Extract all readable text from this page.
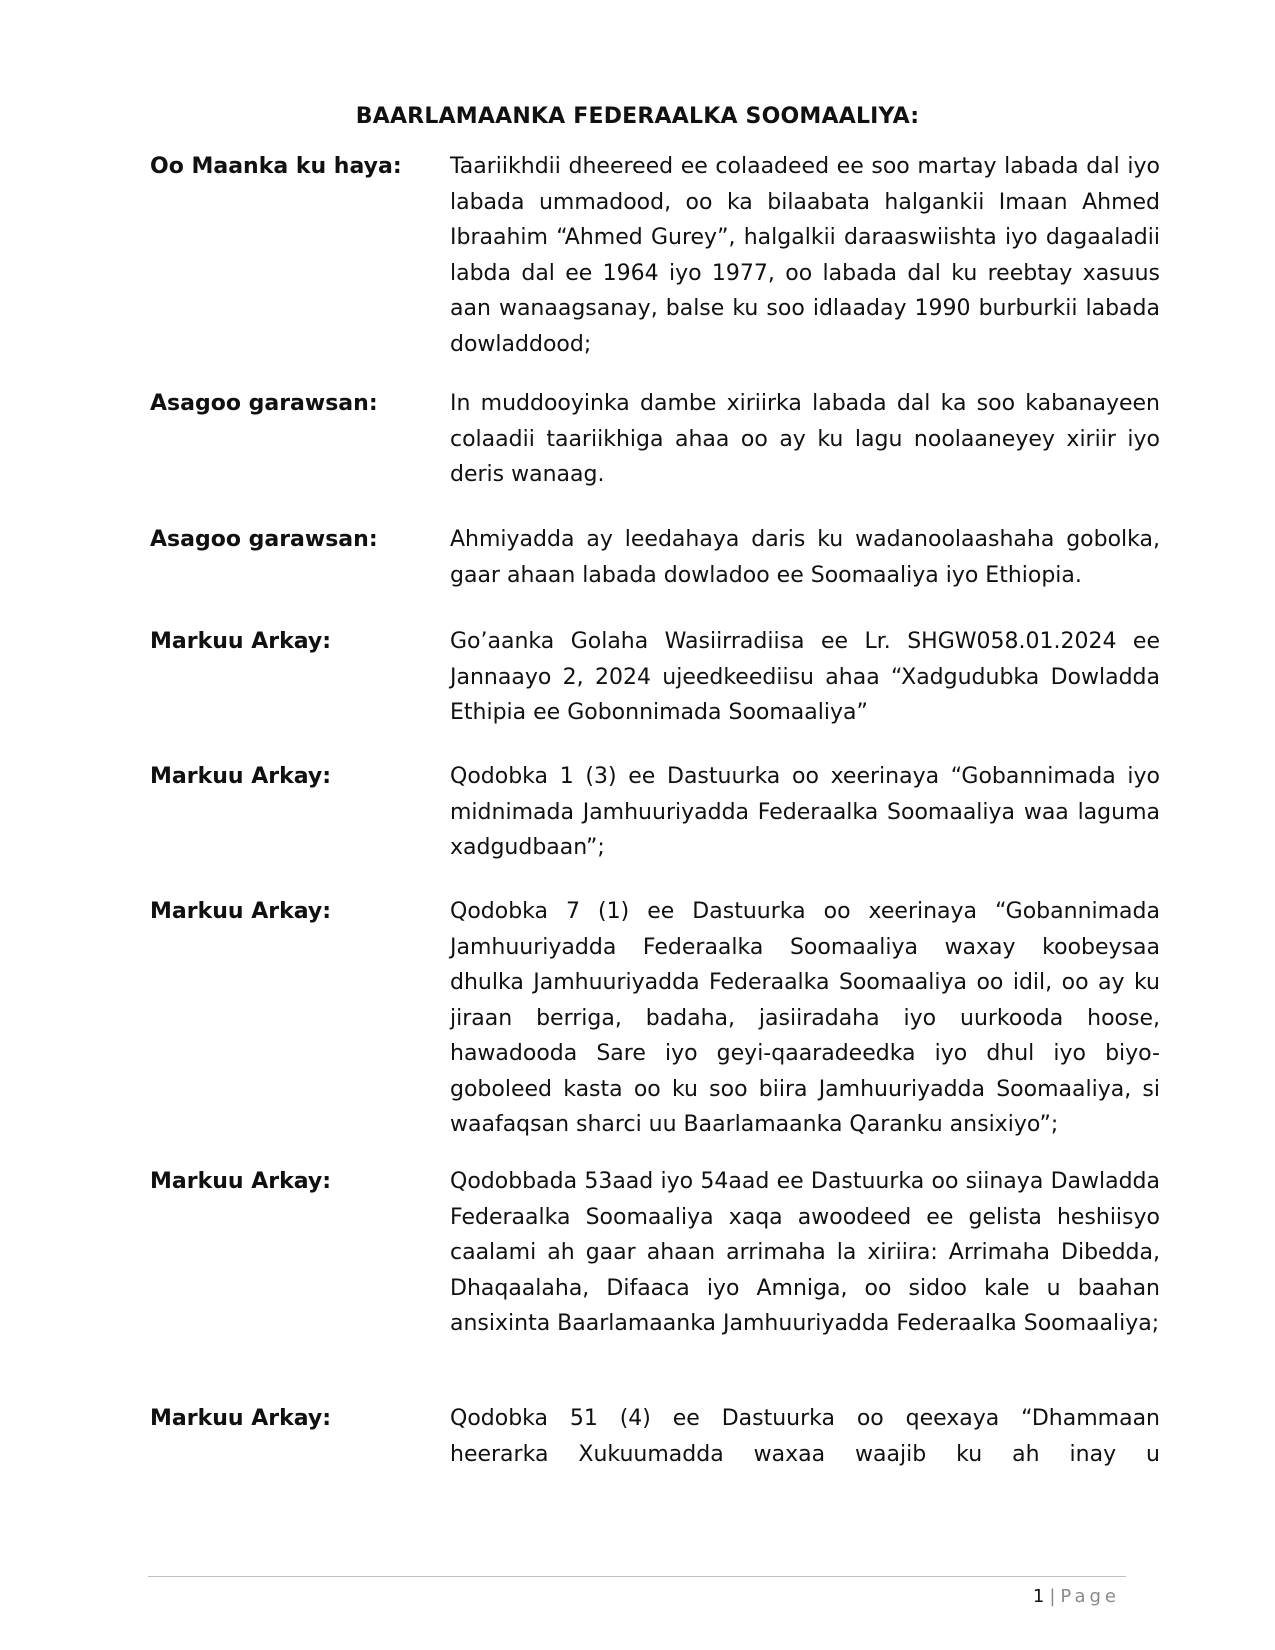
BAARLAMAANKA FEDERAALKA SOOMAALIYA:
Oo Maanka ku haya: Taariikhdii dheereed ee colaadeed ee soo martay labada dal iyo labada ummadood, oo ka bilaabata halgankii Imaan Ahmed Ibraahim “Ahmed Gurey”, halgalkii daraaswiishta iyo dagaaladii labda dal ee 1964 iyo 1977, oo labada dal ku reebtay xasuus aan wanaagsanay, balse ku soo idlaaday 1990 burburkii labada dowladdood;
Asagoo garawsan:	In muddooyinka dambe xiriirka labada dal ka soo kabanayeen colaadii taariikhiga ahaa oo ay ku lagu noolaaneyey xiriir iyo deris wanaag.
Asagoo garawsan:	Ahmiyadda ay leedahaya daris ku wadanoolaashaha gobolka, gaar ahaan labada dowladoo ee Soomaaliya iyo Ethiopia.
Markuu Arkay:	Go’aanka Golaha Wasiirradiisa ee Lr. SHGW058.01.2024 ee Jannaayo 2, 2024 ujeedkeediisu ahaa “Xadgudubka Dowladda Ethipia ee Gobonnimada Soomaaliya”
Markuu Arkay:	Qodobka 1 (3) ee Dastuurka oo xeerinaya “Gobannimada iyo midnimada Jamhuuriyadda Federaalka Soomaaliya waa laguma xadgudbaan”;
Markuu Arkay:	Qodobka 7 (1) ee Dastuurka oo xeerinaya “Gobannimada Jamhuuriyadda Federaalka Soomaaliya waxay koobeysaa dhulka Jamhuuriyadda Federaalka Soomaaliya oo idil, oo ay ku jiraan berriga, badaha, jasiiradaha iyo uurkooda hoose, hawadooda Sare iyo geyi-qaaradeedka iyo dhul iyo biyo-goboleed kasta oo ku soo biira Jamhuuriyadda Soomaaliya, si waafaqsan sharci uu Baarlamaanka Qaranku ansixiyo”;
Markuu Arkay:	Qodobbada 53aad iyo 54aad ee Dastuurka oo siinaya Dawladda Federaalka Soomaaliya xaqa awoodeed ee gelista heshiisyo caalami ah gaar ahaan arrimaha la xiriira: Arrimaha Dibedda, Dhaqaalaha, Difaaca iyo Amniga, oo sidoo kale u baahan ansixinta Baarlamaanka Jamhuuriyadda Federaalka Soomaaliya;
Markuu Arkay:	Qodobka 51 (4) ee Dastuurka oo qeexaya “Dhammaan heerarka Xukuumadda waxaa waajib ku ah inay u
1 | Page
